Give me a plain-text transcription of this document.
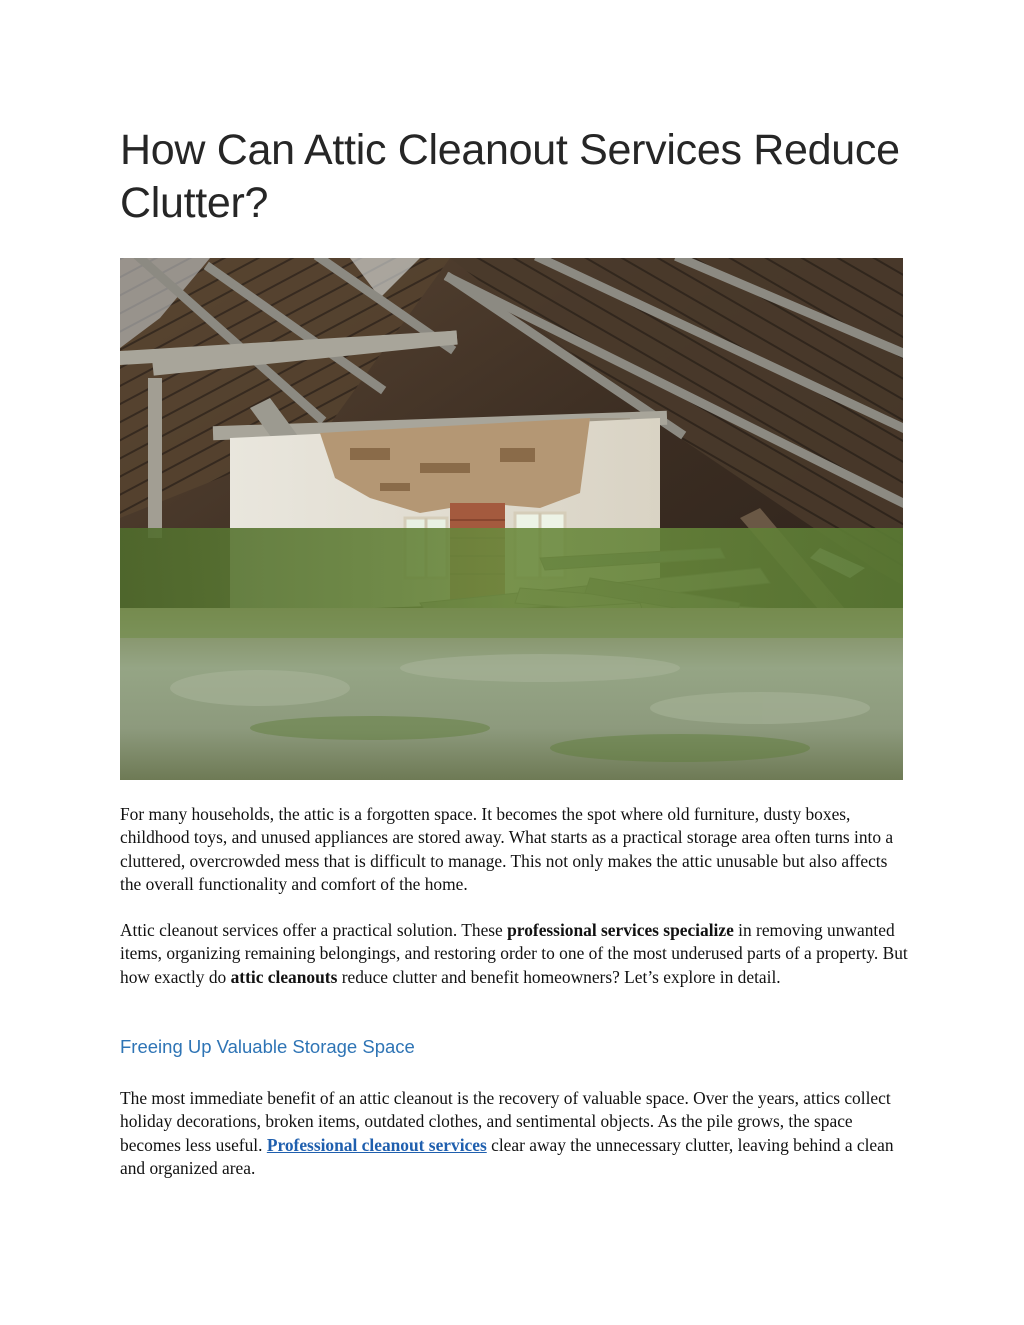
How Can Attic Cleanout Services Reduce Clutter?

For many households, the attic is a forgotten space. It becomes the spot where old furniture, dusty boxes, childhood toys, and unused appliances are stored away. What starts as a practical storage area often turns into a cluttered, overcrowded mess that is difficult to manage. This not only makes the attic unusable but also affects the overall functionality and comfort of the home.

Attic cleanout services offer a practical solution. These professional services specialize in removing unwanted items, organizing remaining belongings, and restoring order to one of the most underused parts of a property. But how exactly do attic cleanouts reduce clutter and benefit homeowners? Let’s explore in detail.

Freeing Up Valuable Storage Space

The most immediate benefit of an attic cleanout is the recovery of valuable space. Over the years, attics collect holiday decorations, broken items, outdated clothes, and sentimental objects. As the pile grows, the space becomes less useful. Professional cleanout services clear away the unnecessary clutter, leaving behind a clean and organized area.
